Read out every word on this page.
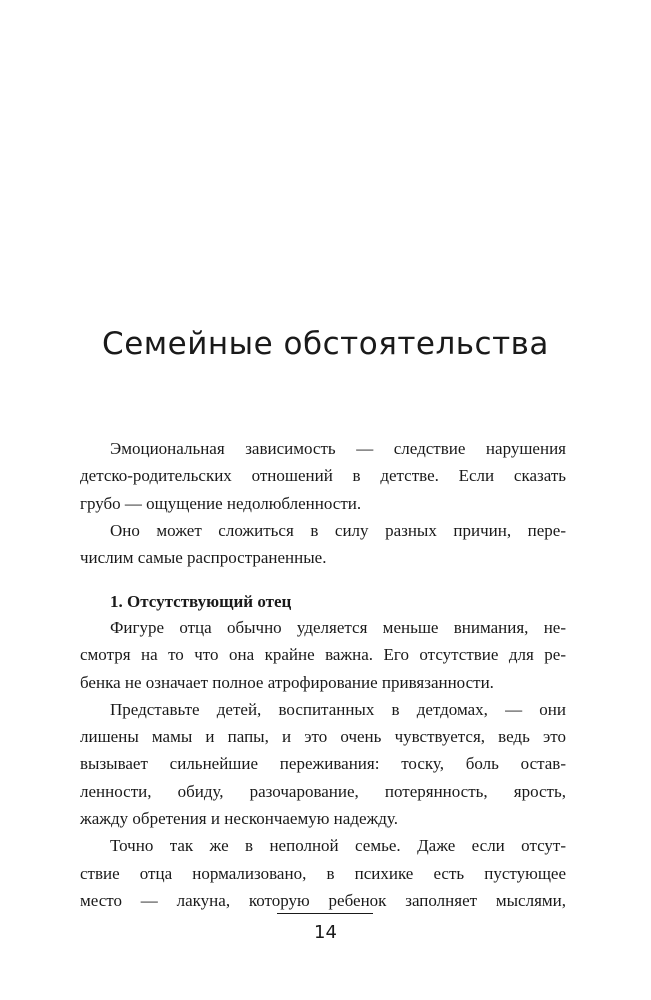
Семейные обстоятельства
Эмоциональная зависимость — следствие нарушения
детско-родительских отношений в детстве. Если сказать
грубо — ощущение недолюбленности.
Оно может сложиться в силу разных причин, пере-
числим самые распространенные.
1. Отсутствующий отец
Фигуре отца обычно уделяется меньше внимания, не-
смотря на то что она крайне важна. Его отсутствие для ре-
бенка не означает полное атрофирование привязанности.
Представьте детей, воспитанных в детдомах, — они
лишены мамы и папы, и это очень чувствуется, ведь это
вызывает сильнейшие переживания: тоску, боль остав-
ленности, обиду, разочарование, потерянность, ярость,
жажду обретения и нескончаемую надежду.
Точно так же в неполной семье. Даже если отсут-
ствие отца нормализовано, в психике есть пустующее
место — лакуна, которую ребенок заполняет мыслями,
14
